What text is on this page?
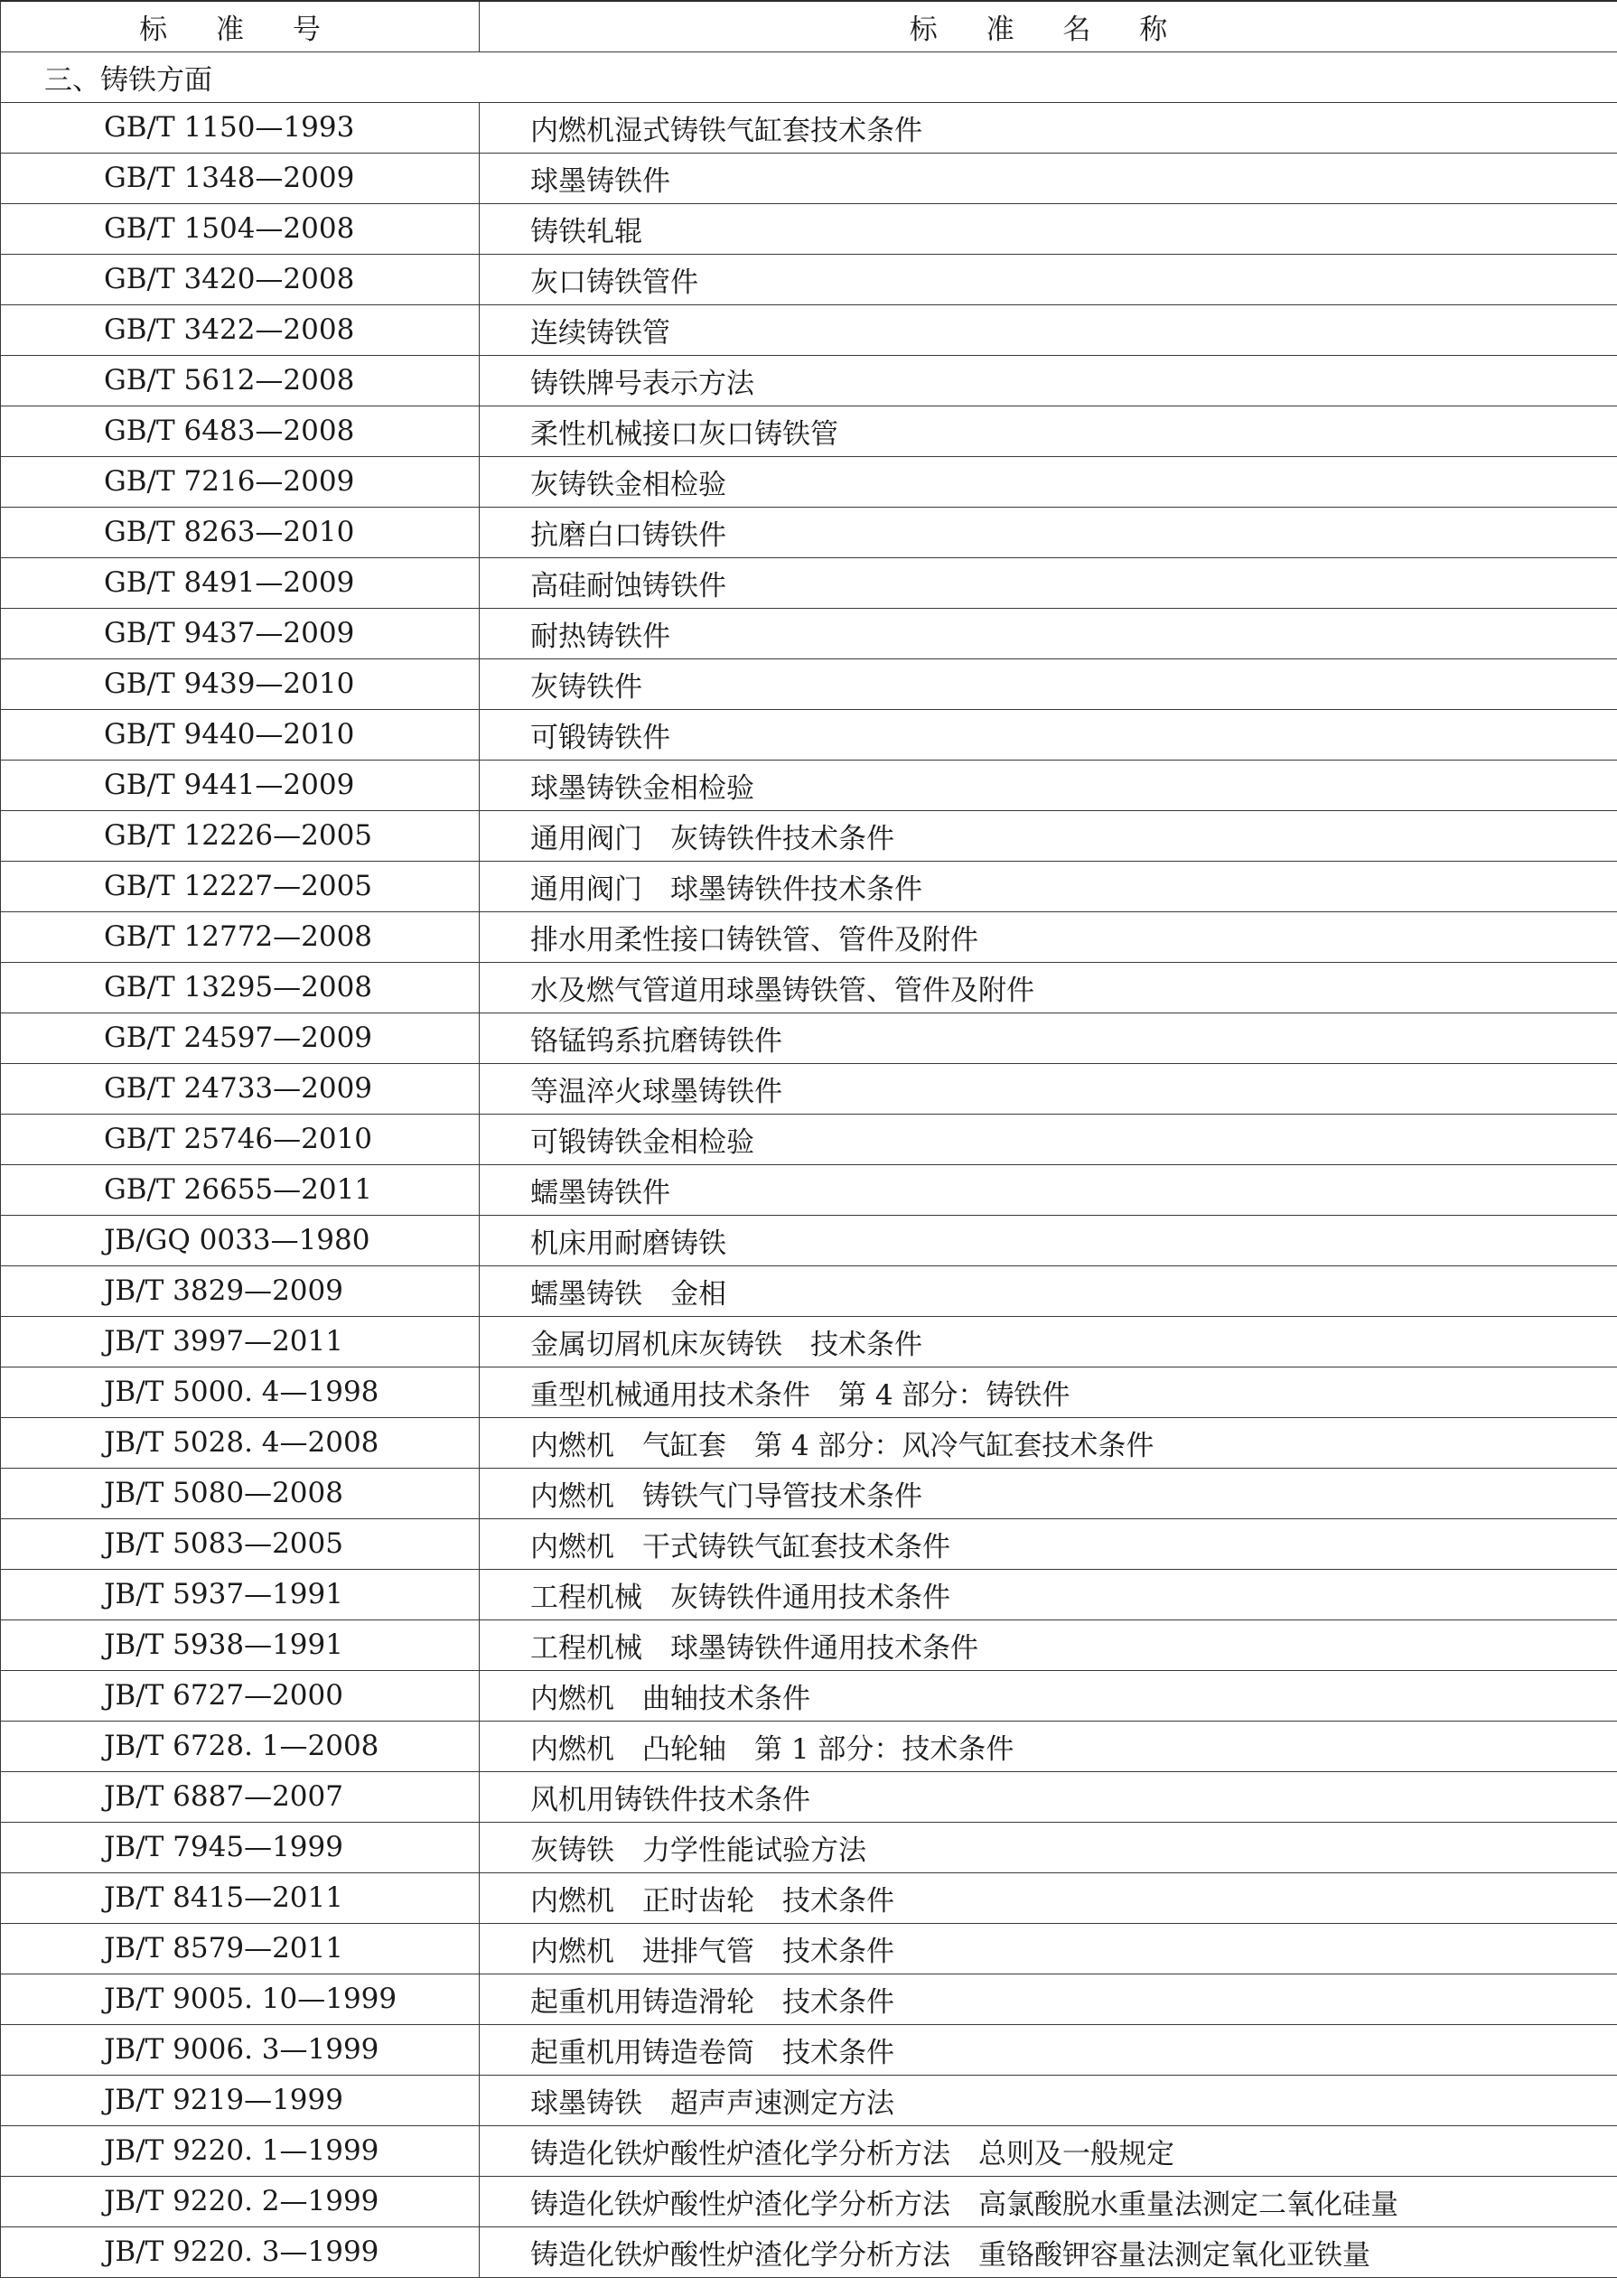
标 准 号	标 准 名 称
三、铸铁方面	
GB/T 1150—1993	内燃机湿式铸铁气缸套技术条件
GB/T 1348—2009	球墨铸铁件
GB/T 1504—2008	铸铁轧辊
GB/T 3420—2008	灰口铸铁管件
GB/T 3422—2008	连续铸铁管
GB/T 5612—2008	铸铁牌号表示方法
GB/T 6483—2008	柔性机械接口灰口铸铁管
GB/T 7216—2009	灰铸铁金相检验
GB/T 8263—2010	抗磨白口铸铁件
GB/T 8491—2009	高硅耐蚀铸铁件
GB/T 9437—2009	耐热铸铁件
GB/T 9439—2010	灰铸铁件
GB/T 9440—2010	可锻铸铁件
GB/T 9441—2009	球墨铸铁金相检验
GB/T 12226—2005	通用阀门　灰铸铁件技术条件
GB/T 12227—2005	通用阀门　球墨铸铁件技术条件
GB/T 12772—2008	排水用柔性接口铸铁管、管件及附件
GB/T 13295—2008	水及燃气管道用球墨铸铁管、管件及附件
GB/T 24597—2009	铬锰钨系抗磨铸铁件
GB/T 24733—2009	等温淬火球墨铸铁件
GB/T 25746—2010	可锻铸铁金相检验
GB/T 26655—2011	蠕墨铸铁件
JB/GQ 0033—1980	机床用耐磨铸铁
JB/T 3829—2009	蠕墨铸铁　金相
JB/T 3997—2011	金属切屑机床灰铸铁　技术条件
JB/T 5000. 4—1998	重型机械通用技术条件　第 4 部分：铸铁件
JB/T 5028. 4—2008	内燃机　气缸套　第 4 部分：风冷气缸套技术条件
JB/T 5080—2008	内燃机　铸铁气门导管技术条件
JB/T 5083—2005	内燃机　干式铸铁气缸套技术条件
JB/T 5937—1991	工程机械　灰铸铁件通用技术条件
JB/T 5938—1991	工程机械　球墨铸铁件通用技术条件
JB/T 6727—2000	内燃机　曲轴技术条件
JB/T 6728. 1—2008	内燃机　凸轮轴　第 1 部分：技术条件
JB/T 6887—2007	风机用铸铁件技术条件
JB/T 7945—1999	灰铸铁　力学性能试验方法
JB/T 8415—2011	内燃机　正时齿轮　技术条件
JB/T 8579—2011	内燃机　进排气管　技术条件
JB/T 9005. 10—1999	起重机用铸造滑轮　技术条件
JB/T 9006. 3—1999	起重机用铸造卷筒　技术条件
JB/T 9219—1999	球墨铸铁　超声声速测定方法
JB/T 9220. 1—1999	铸造化铁炉酸性炉渣化学分析方法　总则及一般规定
JB/T 9220. 2—1999	铸造化铁炉酸性炉渣化学分析方法　高氯酸脱水重量法测定二氧化硅量
JB/T 9220. 3—1999	铸造化铁炉酸性炉渣化学分析方法　重铬酸钾容量法测定氧化亚铁量
